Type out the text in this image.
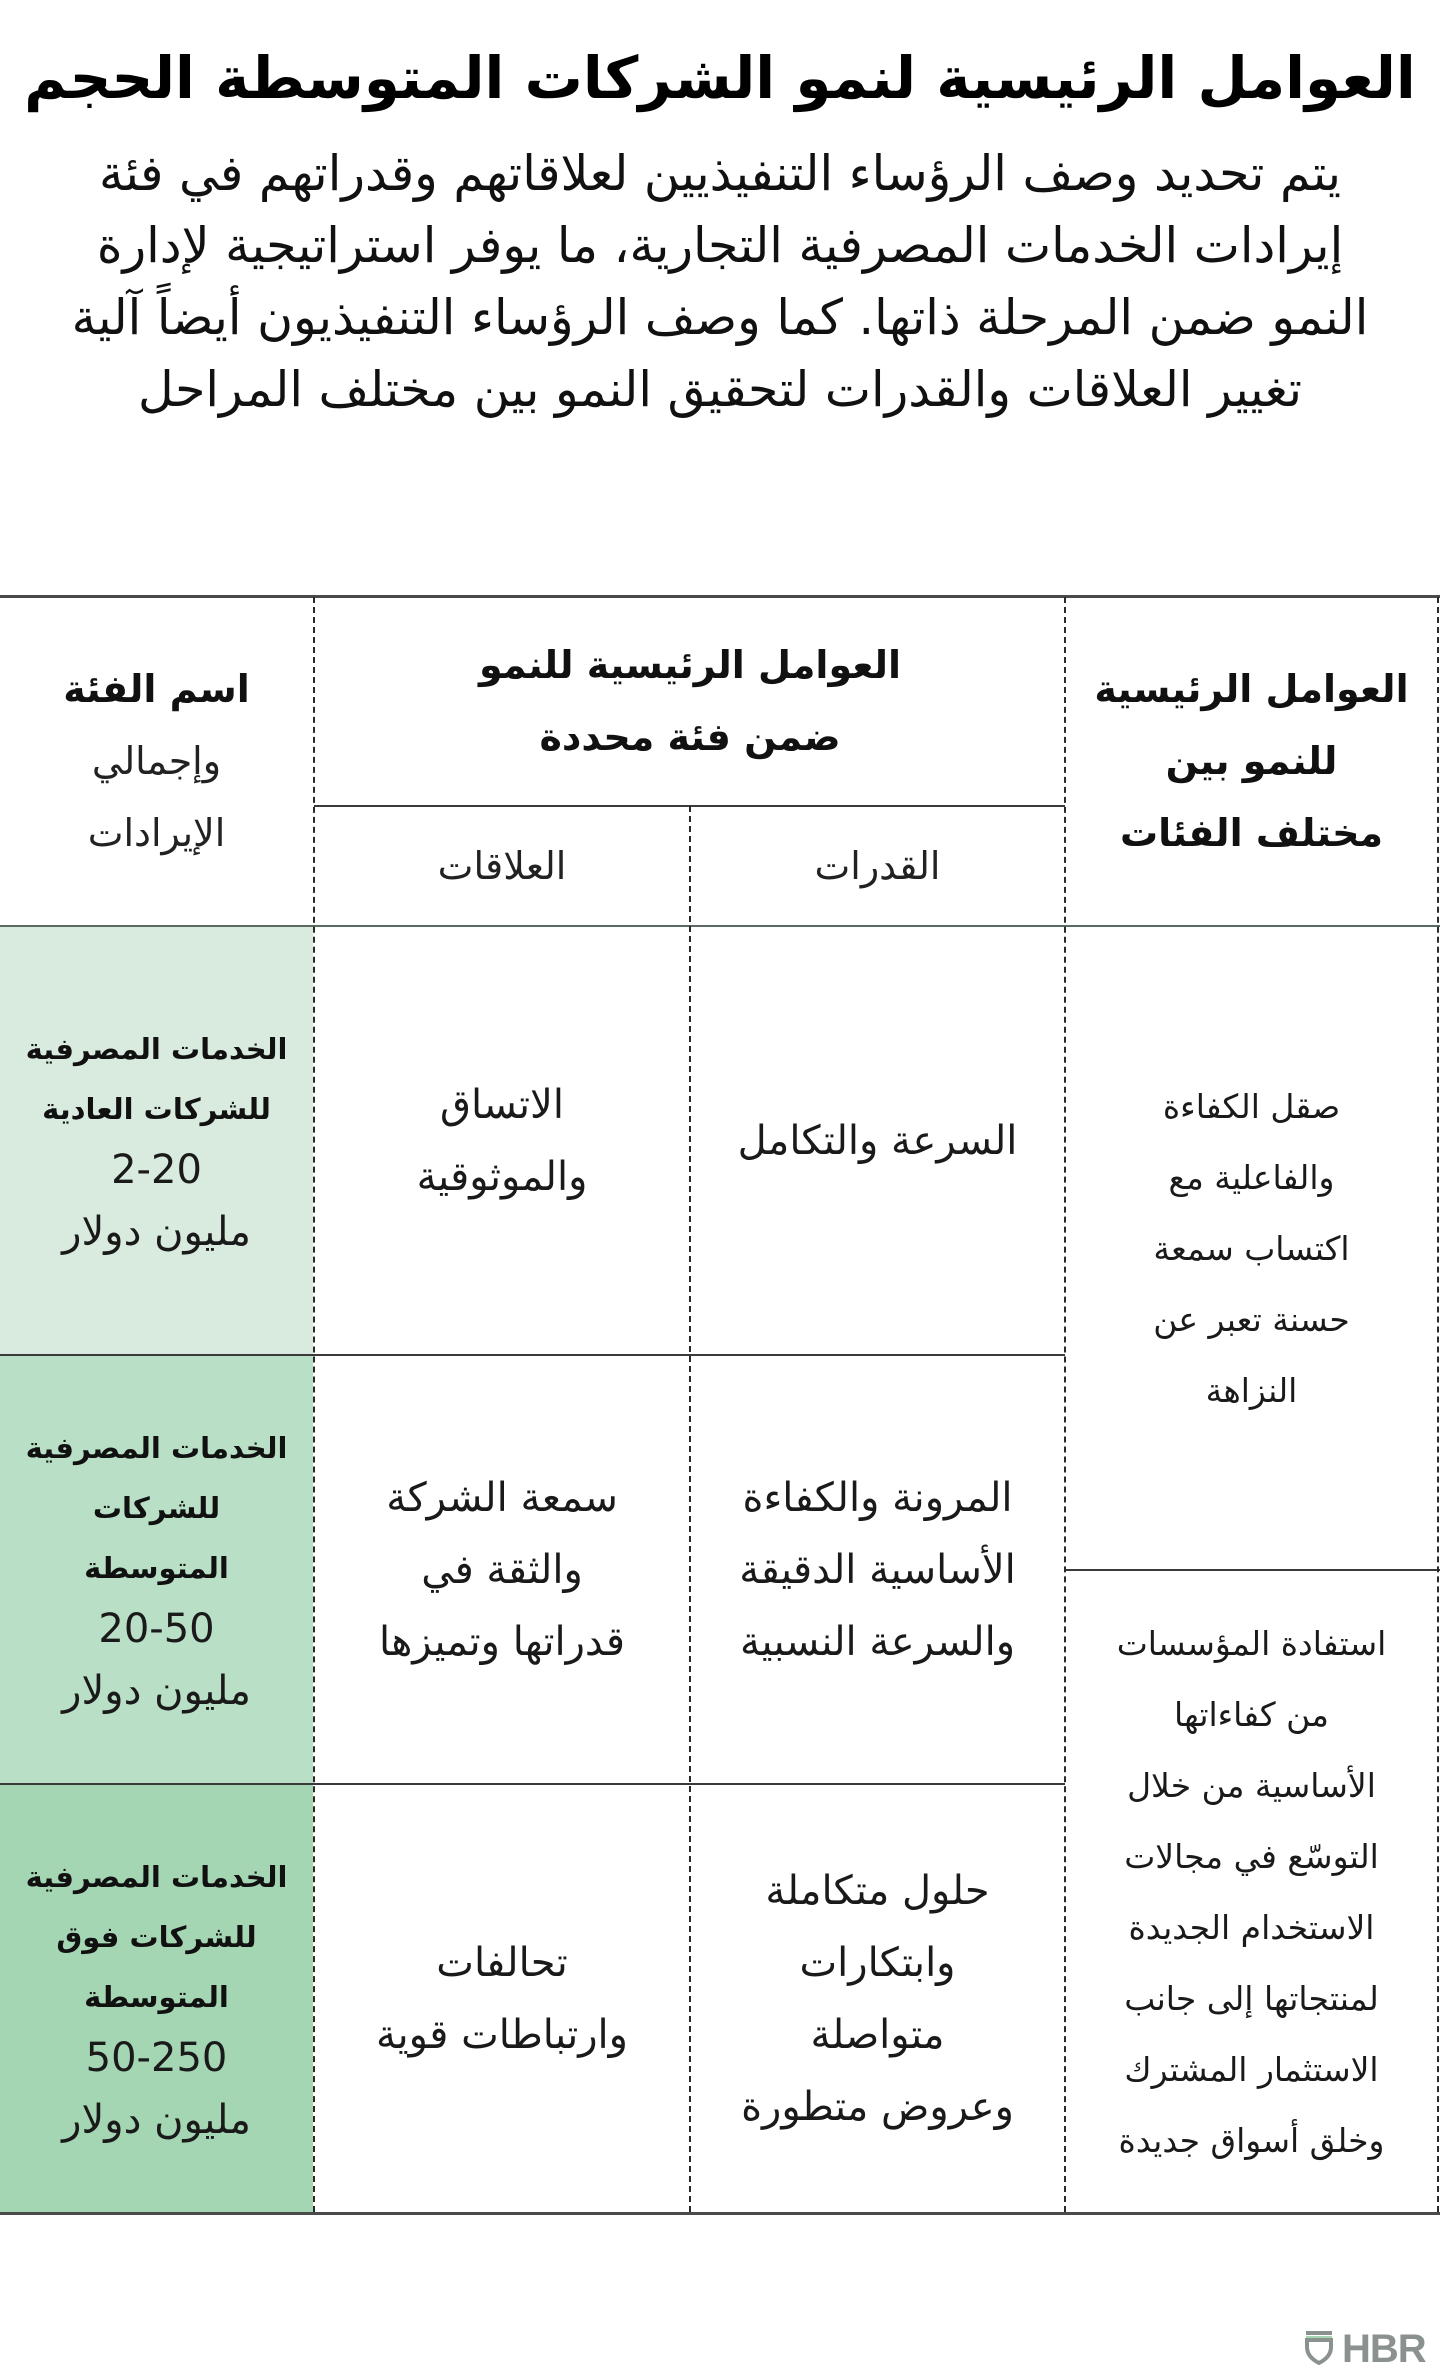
العوامل الرئيسية لنمو الشركات المتوسطة الحجم
يتم تحديد وصف الرؤساء التنفيذيين لعلاقاتهم وقدراتهم في فئة إيرادات الخدمات المصرفية التجارية، ما يوفر استراتيجية لإدارة النمو ضمن المرحلة ذاتها. كما وصف الرؤساء التنفيذيون أيضاً آلية تغيير العلاقات والقدرات لتحقيق النمو بين مختلف المراحل
اسم الفئة
وإجمالي
الإيرادات
العوامل الرئيسية للنمو
ضمن فئة محددة
العلاقات	القدرات
العوامل الرئيسية
للنمو بين
مختلف الفئات
الخدمات المصرفية
للشركات العادية
2-20
مليون دولار
الاتساق
والموثوقية
السرعة والتكامل
الخدمات المصرفية
للشركات
المتوسطة
20-50
مليون دولار
سمعة الشركة
والثقة في
قدراتها وتميزها
المرونة والكفاءة
الأساسية الدقيقة
والسرعة النسبية
الخدمات المصرفية
للشركات فوق
المتوسطة
50-250
مليون دولار
تحالفات
وارتباطات قوية
حلول متكاملة
وابتكارات
متواصلة
وعروض متطورة
صقل الكفاءة
والفاعلية مع
اكتساب سمعة
حسنة تعبر عن
النزاهة
استفادة المؤسسات
من كفاءاتها
الأساسية من خلال
التوسّع في مجالات
الاستخدام الجديدة
لمنتجاتها إلى جانب
الاستثمار المشترك
وخلق أسواق جديدة
HBR
